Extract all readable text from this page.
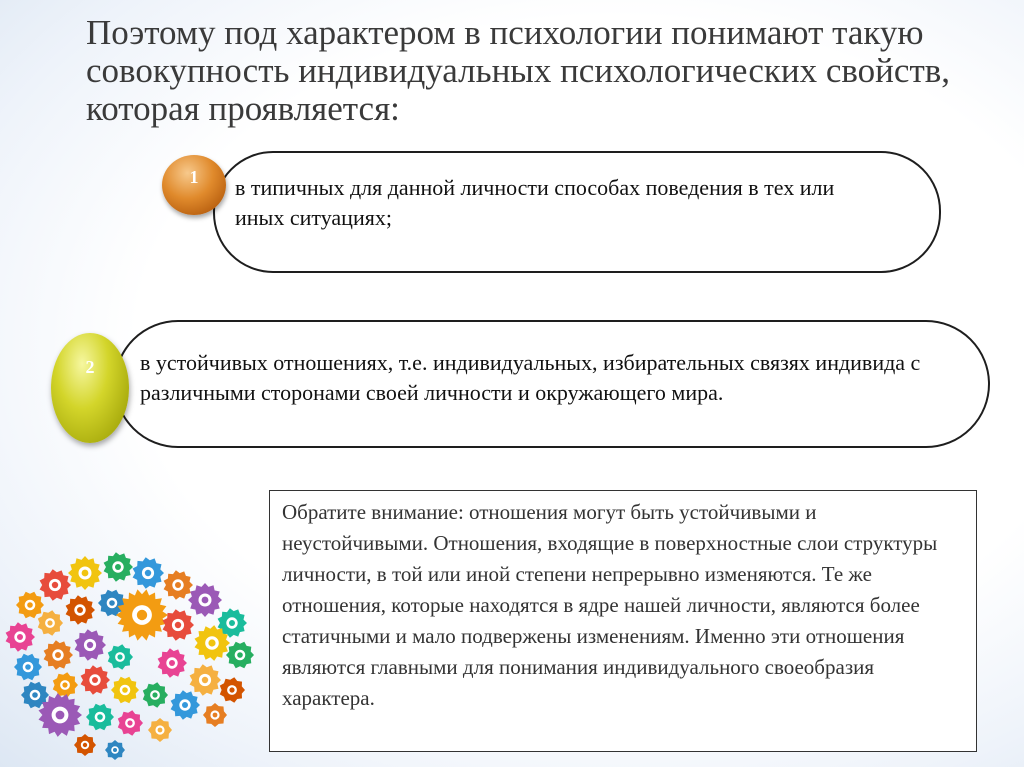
Поэтому под характером в психологии понимают такую совокупность индивидуальных психологических свойств, которая проявляется:

в типичных для данной личности способах поведения в тех или иных ситуациях;

1

в устойчивых отношениях, т.е. индивидуальных, избирательных связях индивида с различными сторонами своей личности и окружающего мира.

2

Обратите внимание: отношения могут быть устойчивыми и неустойчивыми. Отношения, входящие в поверхностные слои структуры личности, в той или иной степени непрерывно изменяются. Те же отношения, которые находятся в ядре нашей личности, являются более статичными и мало подвержены изменениям. Именно эти отношения являются главными для понимания индивидуального своеобразия характера.
